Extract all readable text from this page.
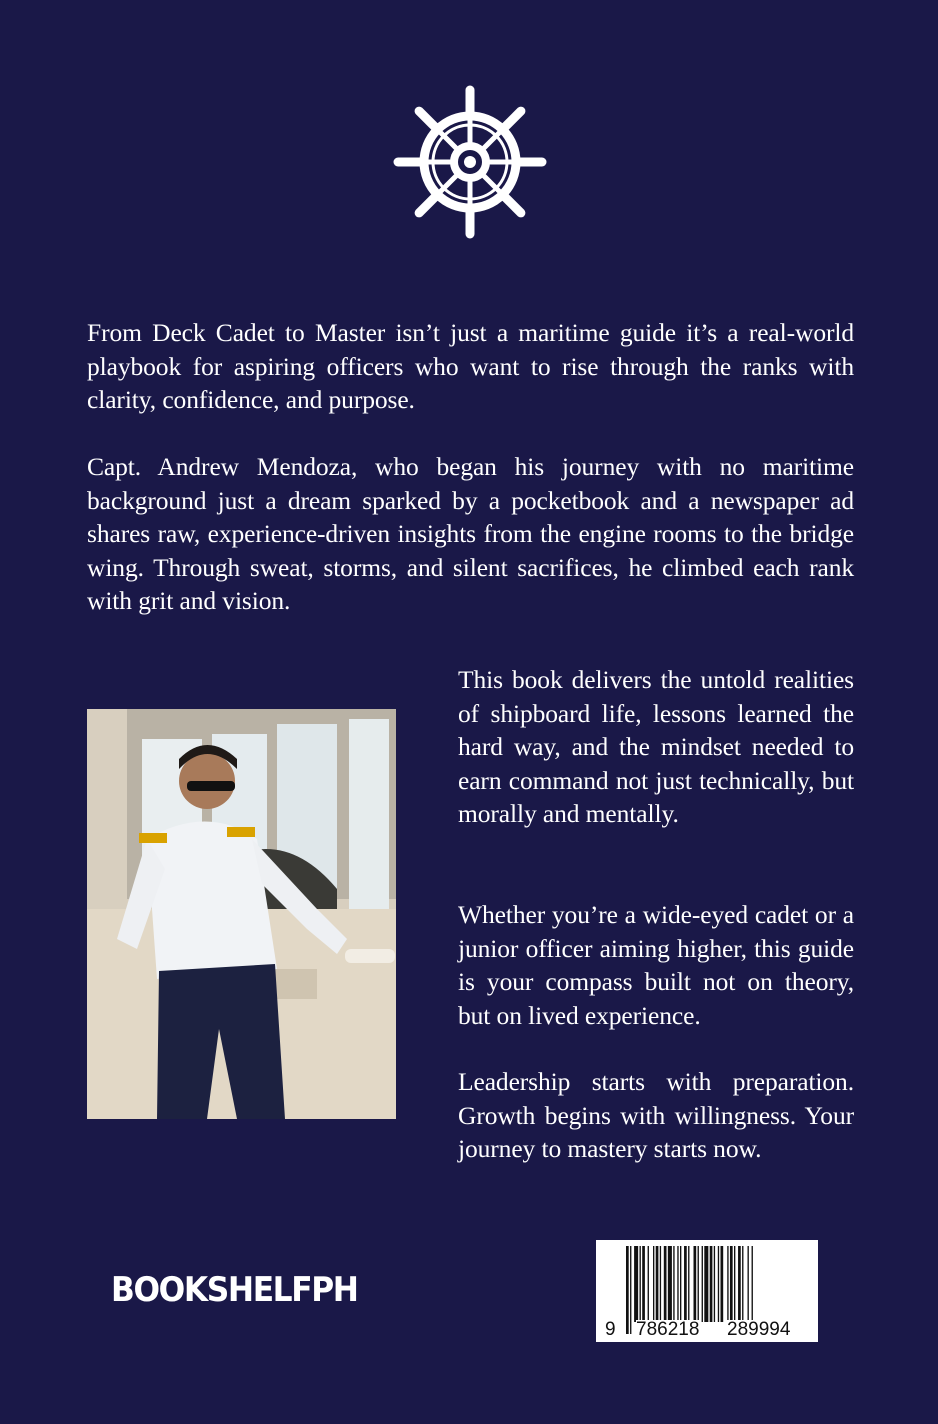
From Deck Cadet to Master isn’t just a maritime guide it’s a real-world playbook for aspiring officers who want to rise through the ranks with clarity, confidence, and purpose.

Capt. Andrew Mendoza, who began his journey with no maritime background just a dream sparked by a pocketbook and a newspaper ad shares raw, experience-driven insights from the engine rooms to the bridge wing. Through sweat, storms, and silent sacrifices, he climbed each rank with grit and vision.

This book delivers the untold realities of shipboard life, lessons learned the hard way, and the mindset needed to earn command not just technically, but morally and mentally.

Whether you’re a wide-eyed cadet or a junior officer aiming higher, this guide is your compass built not on theory, but on lived experience.

Leadership starts with preparation. Growth begins with willingness. Your journey to mastery starts now.

BOOKSHELFPH
9 786218 289994
